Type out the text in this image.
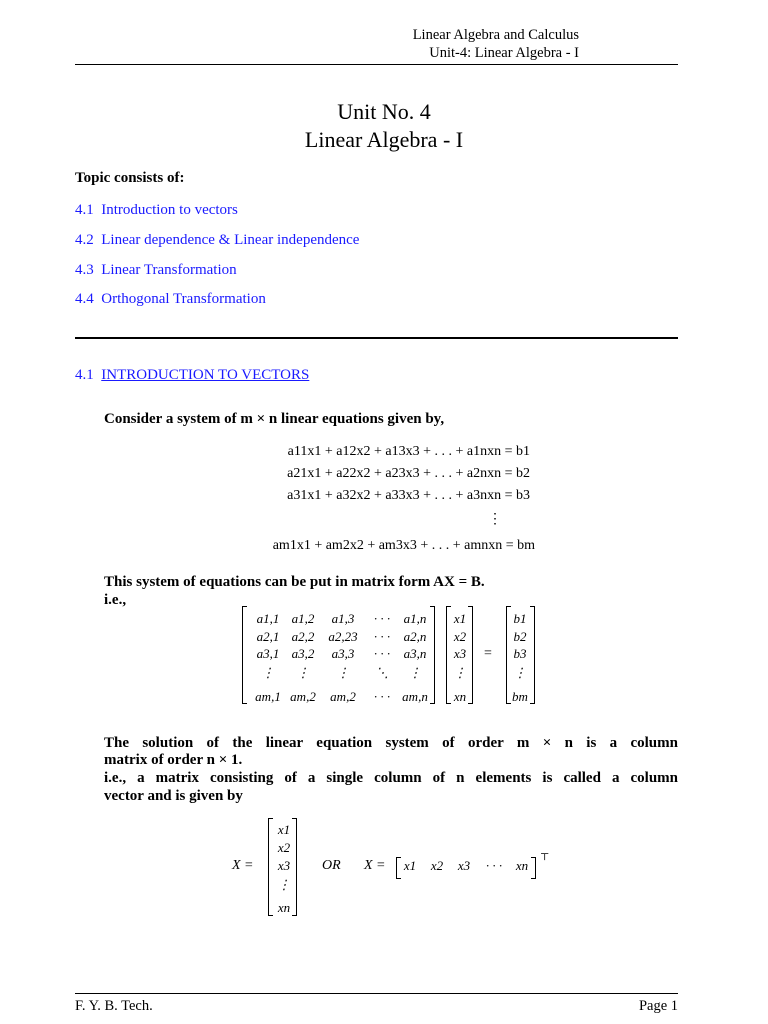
Linear Algebra and Calculus
Unit-4: Linear Algebra - I
Unit No. 4
Linear Algebra - I
Topic consists of:
4.1 Introduction to vectors
4.2 Linear dependence & Linear independence
4.3 Linear Transformation
4.4 Orthogonal Transformation
4.1 INTRODUCTION TO VECTORS
Consider a system of m × n linear equations given by,
a11x1 + a12x2 + a13x3 + . . . + a1nxn = b1
a21x1 + a22x2 + a23x3 + . . . + a2nxn = b2
a31x1 + a32x2 + a33x3 + . . . + a3nxn = b3
⋮
am1x1 + am2x2 + am3x3 + . . . + amnxn = bm
This system of equations can be put in matrix form AX = B.
i.e.,
=
The solution of the linear equation system of order m × n is a column
matrix of order n × 1.
i.e., a matrix consisting of a single column of n elements is called a column
vector and is given by
X =	OR X =
⊤
F. Y. B. Tech.	Page 1
a1,1 a1,2 a1,3 · · · a1,n
a2,1 a2,2 a2,23 · · · a2,n
a3,1 a3,2 a3,3 · · · a3,n
⋮ ⋮ ⋮ ⋱ ⋮
am,1 am,2 am,2 · · · am,n
x1
x2
x3
⋮
xn
b1
b2
b3
⋮
bm
x1
x2
x3
⋮
xn
x1 x2 x3 · · · xn
